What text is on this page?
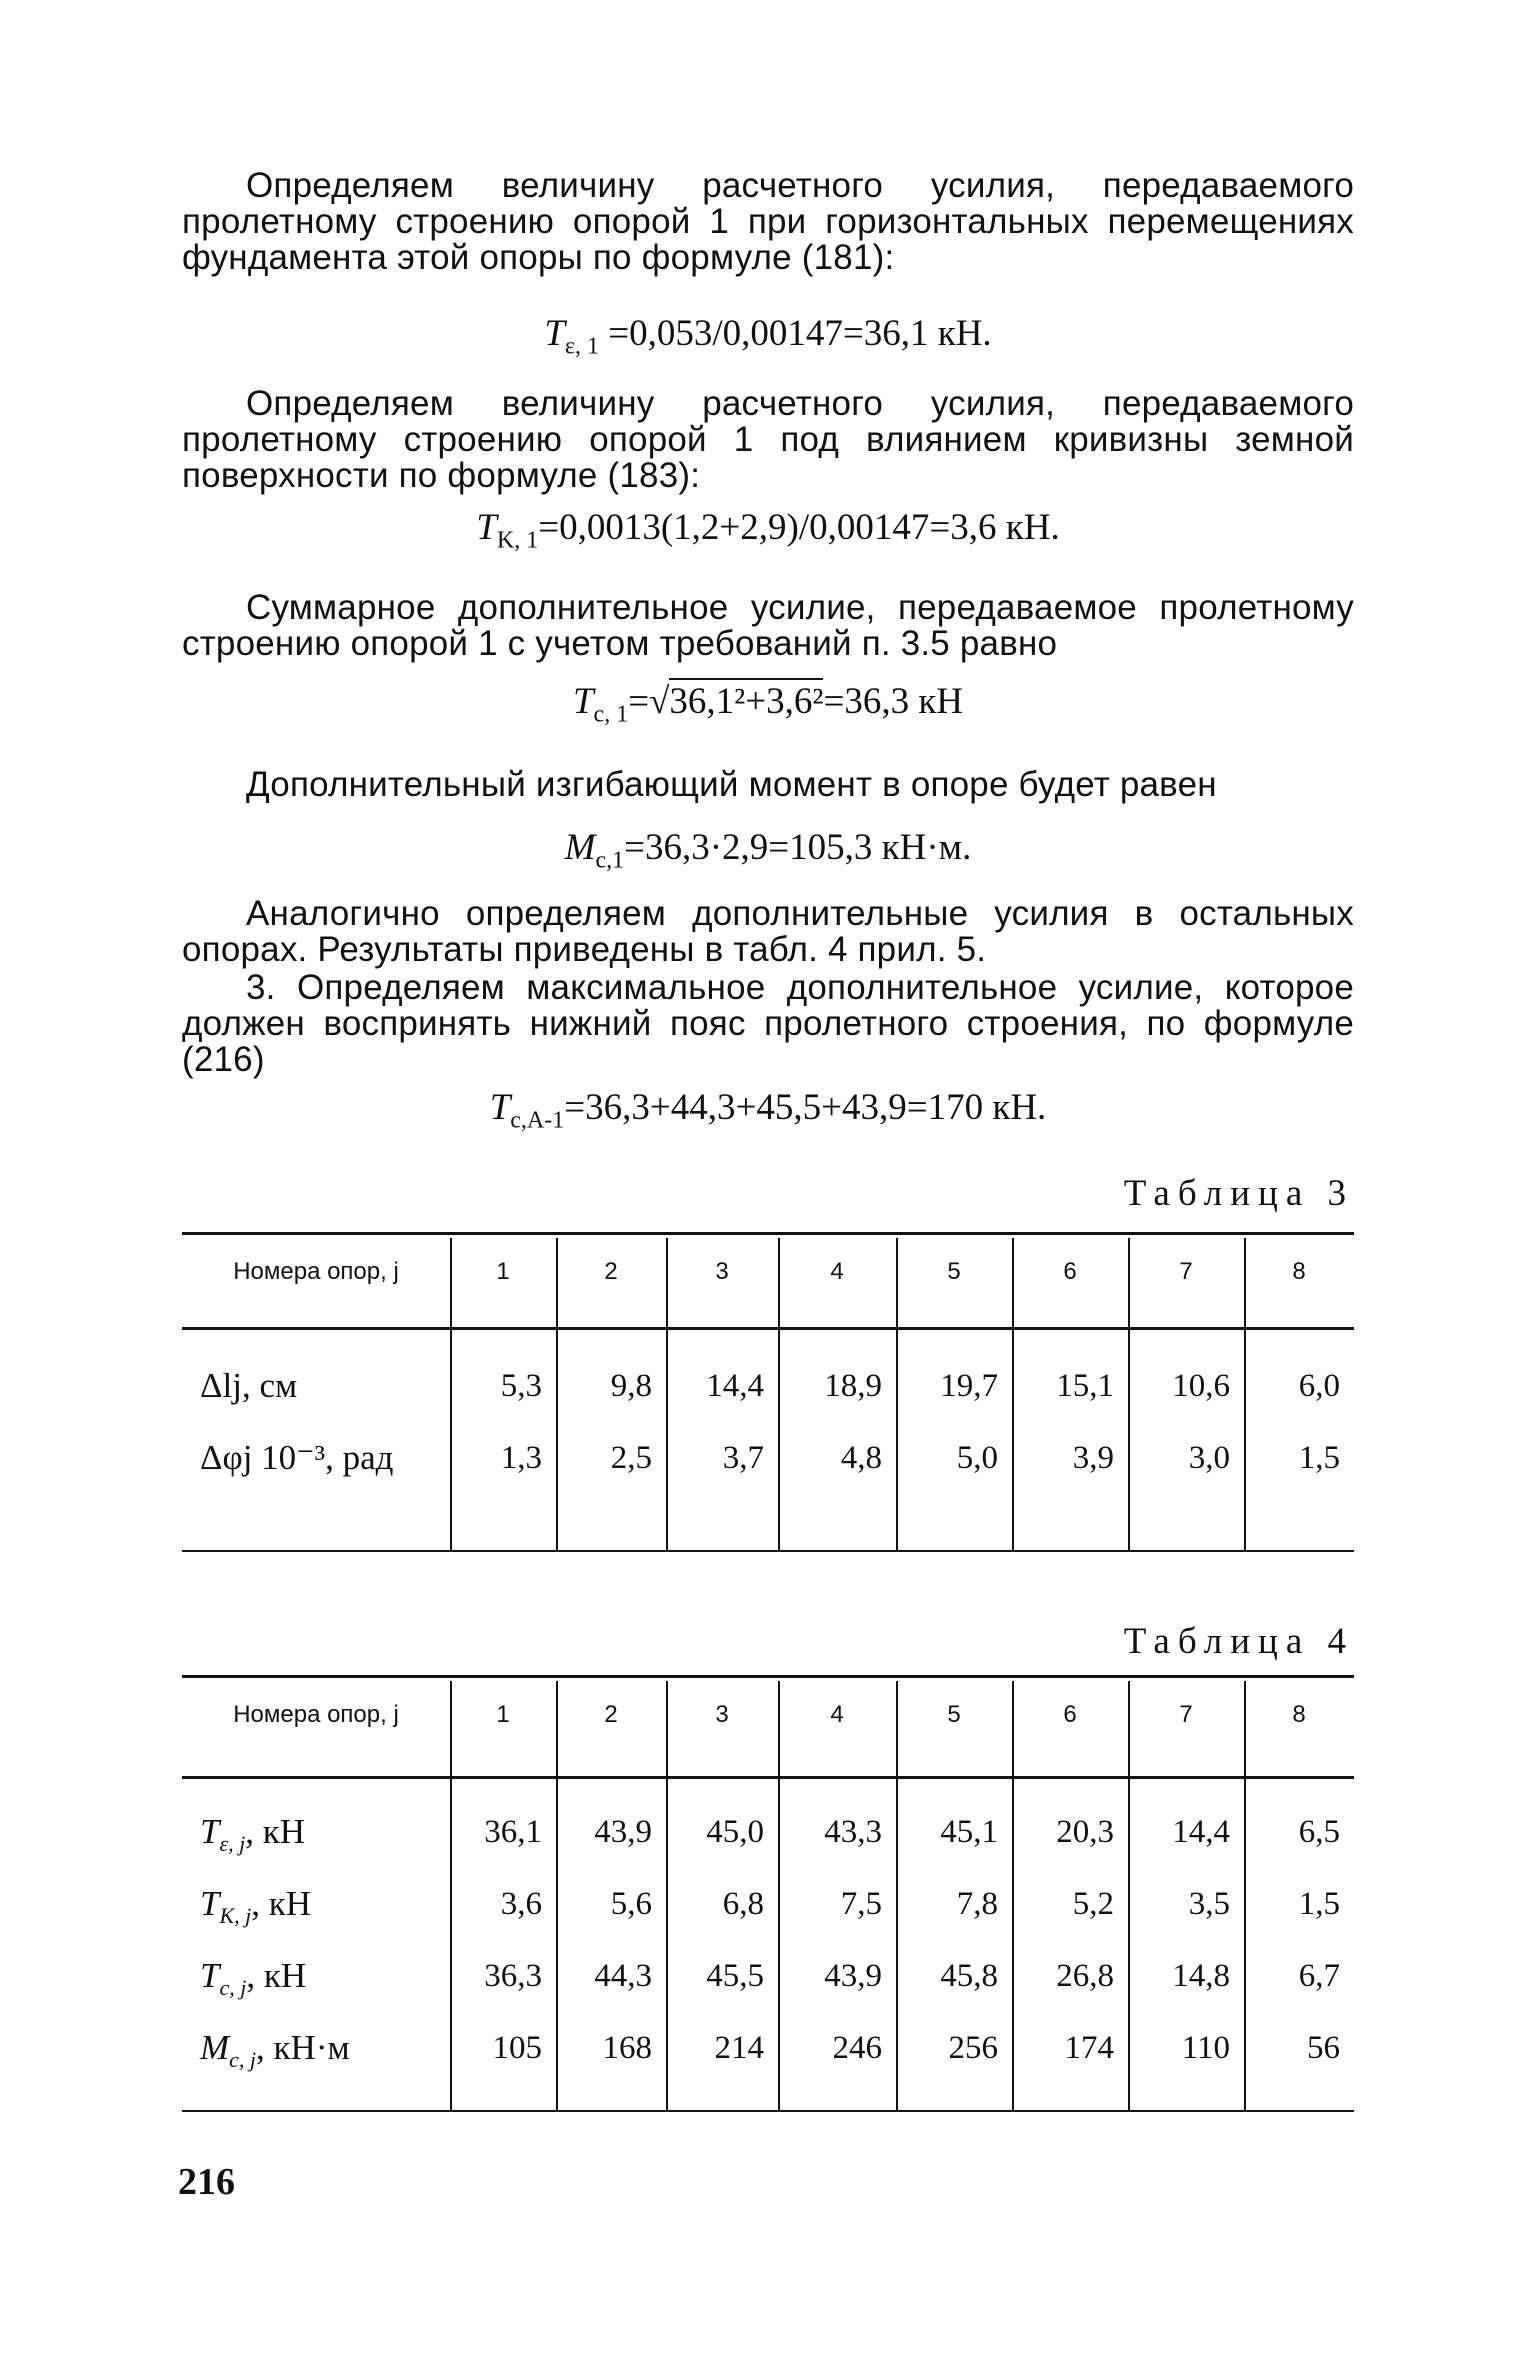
Определяем величину расчетного усилия, передаваемого пролетному строению опорой 1 при горизонтальных перемещениях фундамента этой опоры по формуле (181):
$T_{\varepsilon, 1} =0,053/0,00147=36,1$ кН.
Определяем величину расчетного усилия, передаваемого пролетному строению опорой 1 под влиянием кривизны земной поверхности по формуле (183):
$T_{K, 1}=0,0013(1,2+2,9)/0,00147=3,6$ кН.
Суммарное дополнительное усилие, передаваемое пролетному строению опорой 1 с учетом требований п. 3.5 равно
$T_{c, 1}=√36,1^2+3,6^2=36,3$ кН
Дополнительный изгибающий момент в опоре будет равен
$M_{c,1}=36,3\cdot 2,9=105,3$ кН·м.
Аналогично определяем дополнительные усилия в остальных опорах. Результаты приведены в табл. 4 прил. 5.
3. Определяем максимальное дополнительное усилие, которое должен воспринять нижний пояс пролетного строения, по формуле (216)
$T_{c,A-1}=36,3+44,3+45,5+43,9=170$ кН.
Таблица 3
Номера опор, j	1	2	3	4	5	6	7	8
Δlj, см	5,3	9,8	14,4	18,9	19,7	15,1	10,6	6,0
Δφj 10⁻³, рад	1,3	2,5	3,7	4,8	5,0	3,9	3,0	1,5
Таблица 4
Номера опор, j	1	2	3	4	5	6	7	8
$T_{\varepsilon, j}$, кН	36,1	43,9	45,0	43,3	45,1	20,3	14,4	6,5
$T_{K, j}$, кН	3,6	5,6	6,8	7,5	7,8	5,2	3,5	1,5
$T_{c, j}$, кН	36,3	44,3	45,5	43,9	45,8	26,8	14,8	6,7
$M_{c, j}$, кН·м	105	168	214	246	256	174	110	56
216
